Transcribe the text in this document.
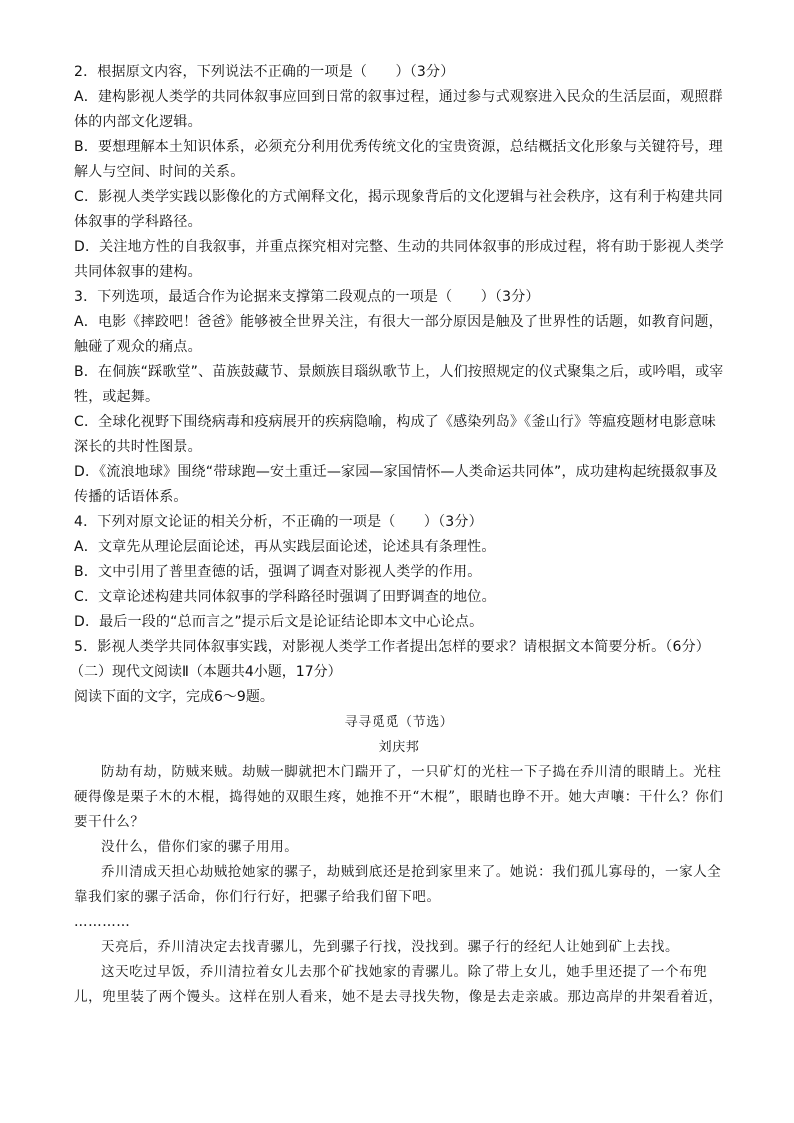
2．根据原文内容，下列说法不正确的一项是（　　）（3分）
A．建构影视人类学的共同体叙事应回到日常的叙事过程，通过参与式观察进入民众的生活层面，观照群体的内部文化逻辑。
B．要想理解本土知识体系，必须充分利用优秀传统文化的宝贵资源，总结概括文化形象与关键符号，理解人与空间、时间的关系。
C．影视人类学实践以影像化的方式阐释文化，揭示现象背后的文化逻辑与社会秩序，这有利于构建共同体叙事的学科路径。
D．关注地方性的自我叙事，并重点探究相对完整、生动的共同体叙事的形成过程，将有助于影视人类学共同体叙事的建构。
3．下列选项，最适合作为论据来支撑第二段观点的一项是（　　）（3分）
A．电影《摔跤吧！爸爸》能够被全世界关注，有很大一部分原因是触及了世界性的话题，如教育问题，触碰了观众的痛点。
B．在侗族“踩歌堂”、苗族鼓藏节、景颇族目瑙纵歌节上，人们按照规定的仪式聚集之后，或吟唱，或宰牲，或起舞。
C．全球化视野下围绕病毒和疫病展开的疾病隐喻，构成了《感染列岛》《釜山行》等瘟疫题材电影意味深长的共时性图景。
D．《流浪地球》围绕“带球跑—安土重迁—家园—家国情怀—人类命运共同体”，成功建构起统摄叙事及传播的话语体系。
4．下列对原文论证的相关分析，不正确的一项是（　　）（3分）
A．文章先从理论层面论述，再从实践层面论述，论述具有条理性。
B．文中引用了普里查德的话，强调了调查对影视人类学的作用。
C．文章论述构建共同体叙事的学科路径时强调了田野调查的地位。
D．最后一段的“总而言之”提示后文是论证结论即本文中心论点。
5．影视人类学共同体叙事实践，对影视人类学工作者提出怎样的要求？请根据文本简要分析。（6分）
（二）现代文阅读Ⅱ（本题共4小题，17分）
阅读下面的文字，完成6～9题。
寻寻觅觅（节选）
刘庆邦
防劫有劫，防贼来贼。劫贼一脚就把木门踹开了，一只矿灯的光柱一下子捣在乔川清的眼睛上。光柱硬得像是栗子木的木棍，捣得她的双眼生疼，她推不开“木棍”，眼睛也睁不开。她大声嚷：干什么？你们要干什么？
没什么，借你们家的骡子用用。
乔川清成天担心劫贼抢她家的骡子，劫贼到底还是抢到家里来了。她说：我们孤儿寡母的，一家人全靠我们家的骡子活命，你们行行好，把骡子给我们留下吧。
…………
天亮后，乔川清决定去找青骡儿，先到骡子行找，没找到。骡子行的经纪人让她到矿上去找。
这天吃过早饭，乔川清拉着女儿去那个矿找她家的青骡儿。除了带上女儿，她手里还提了一个布兜儿，兜里装了两个馒头。这样在别人看来，她不是去寻找失物，像是去走亲戚。那边高岸的井架看着近，
